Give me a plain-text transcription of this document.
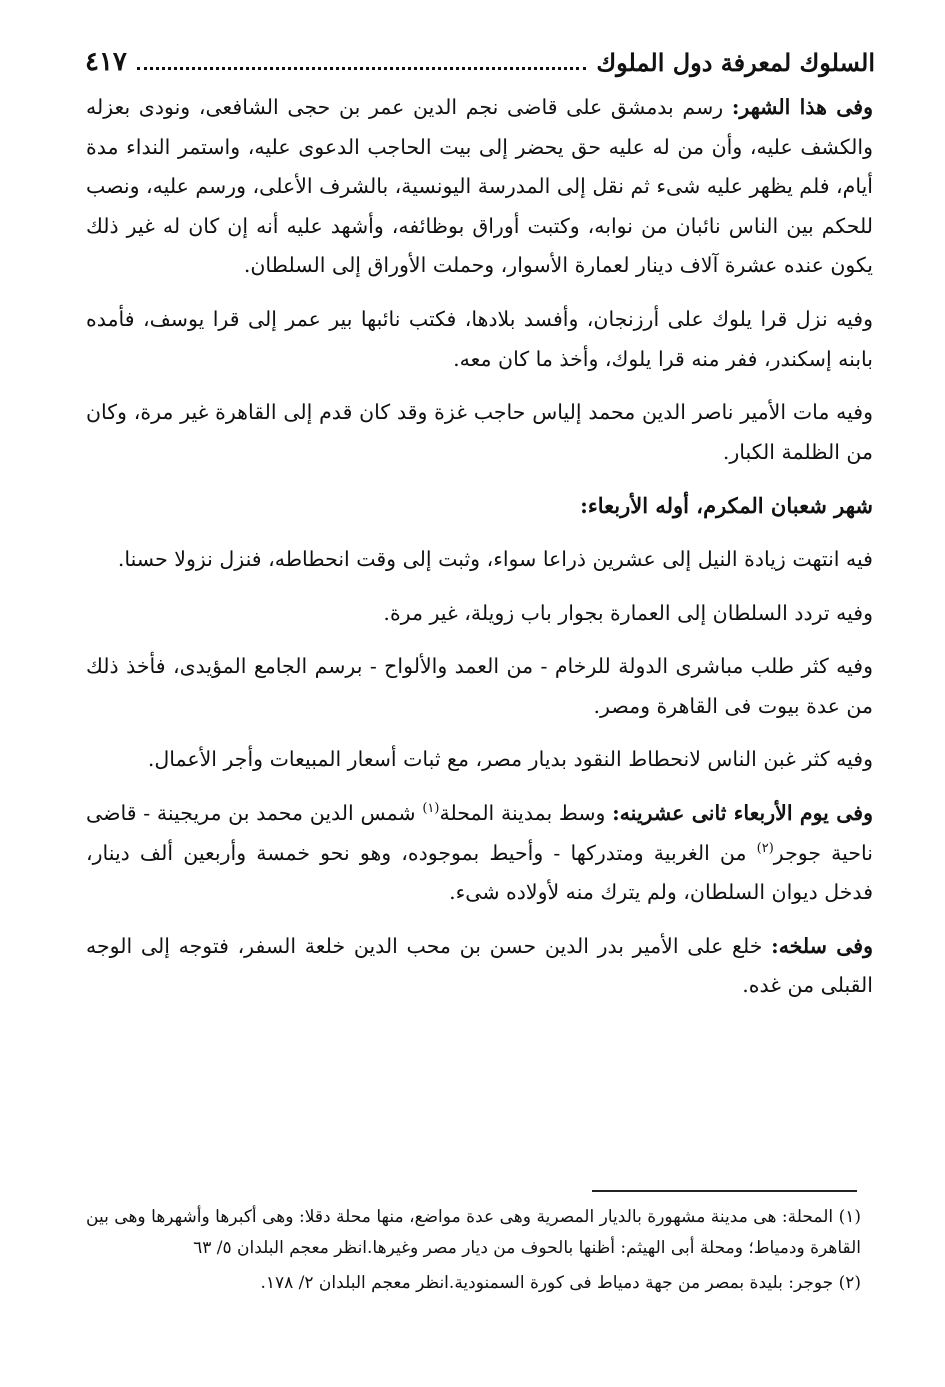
السلوك لمعرفة دول الملوك
٤١٧

وفى هذا الشهر: رسم بدمشق على قاضى نجم الدين عمر بن حجى الشافعى، ونودى بعزله والكشف عليه، وأن من له عليه حق يحضر إلى بيت الحاجب الدعوى عليه، واستمر النداء مدة أيام، فلم يظهر عليه شىء ثم نقل إلى المدرسة اليونسية، بالشرف الأعلى، ورسم عليه، ونصب للحكم بين الناس نائبان من نوابه، وكتبت أوراق بوظائفه، وأشهد عليه أنه إن كان له غير ذلك يكون عنده عشرة آلاف دينار لعمارة الأسوار، وحملت الأوراق إلى السلطان.

وفيه نزل قرا يلوك على أرزنجان، وأفسد بلادها، فكتب نائبها بير عمر إلى قرا يوسف، فأمده بابنه إسكندر، ففر منه قرا يلوك، وأخذ ما كان معه.

وفيه مات الأمير ناصر الدين محمد إلياس حاجب غزة وقد كان قدم إلى القاهرة غير مرة، وكان من الظلمة الكبار.

شهر شعبان المكرم، أوله الأربعاء:

فيه انتهت زيادة النيل إلى عشرين ذراعا سواء، وثبت إلى وقت انحطاطه، فنزل نزولا حسنا.

وفيه تردد السلطان إلى العمارة بجوار باب زويلة، غير مرة.

وفيه كثر طلب مباشرى الدولة للرخام - من العمد والألواح - برسم الجامع المؤيدى، فأخذ ذلك من عدة بيوت فى القاهرة ومصر.

وفيه كثر غبن الناس لانحطاط النقود بديار مصر، مع ثبات أسعار المبيعات وأجر الأعمال.

وفى يوم الأربعاء ثانى عشرينه: وسط بمدينة المحلة$^{(١)}$ شمس الدين محمد بن مريجينة - قاضى ناحية جوجر$^{(٢)}$ من الغربية ومتدركها - وأحيط بموجوده، وهو نحو خمسة وأربعين ألف دينار، فدخل ديوان السلطان، ولم يترك منه لأولاده شىء.

وفى سلخه: خلع على الأمير بدر الدين حسن بن محب الدين خلعة السفر، فتوجه إلى الوجه القبلى من غده.

(١) المحلة: هى مدينة مشهورة بالديار المصرية وهى عدة مواضع، منها محلة دقلا: وهى أكبرها وأشهرها وهى بين القاهرة ودمياط؛ ومحلة أبى الهيثم: أظنها بالحوف من ديار مصر وغيرها.انظر معجم البلدان ٥/ ٦٣

(٢) جوجر: بليدة بمصر من جهة دمياط فى كورة السمنودية.انظر معجم البلدان ٢/ ١٧٨.
